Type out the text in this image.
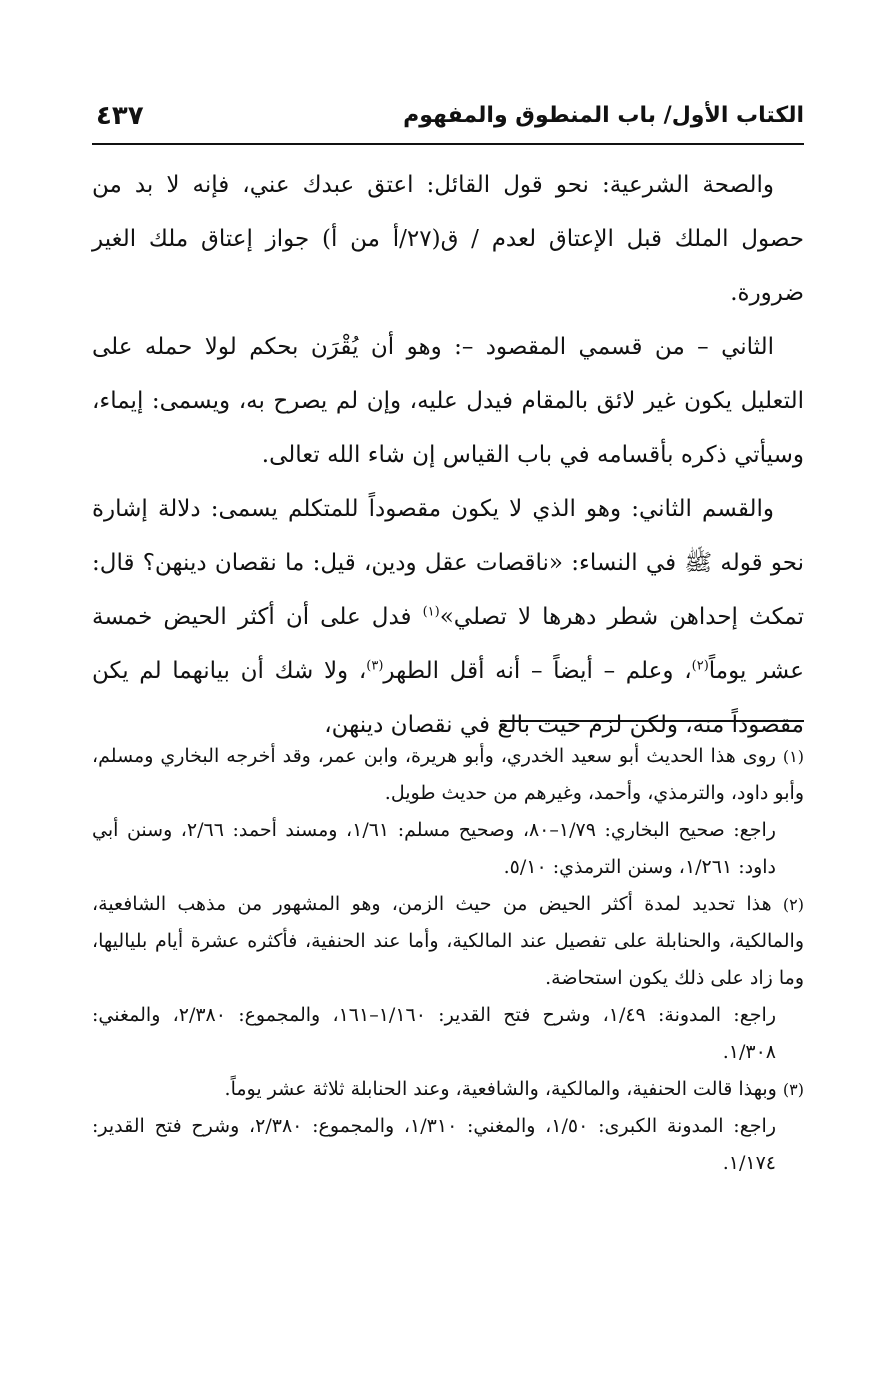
الكتاب الأول/ باب المنطوق والمفهوم
٤٣٧

والصحة الشرعية: نحو قول القائل: اعتق عبدك عني، فإنه لا بد من حصول الملك قبل الإعتاق لعدم / ق(٢٧/أ من أ) جواز إعتاق ملك الغير ضرورة.

الثاني – من قسمي المقصود –: وهو أن يُقْرَن بحكم لولا حمله على التعليل يكون غير لائق بالمقام فيدل عليه، وإن لم يصرح به، ويسمى: إيماء، وسيأتي ذكره بأقسامه في باب القياس إن شاء الله تعالى.

والقسم الثاني: وهو الذي لا يكون مقصوداً للمتكلم يسمى: دلالة إشارة نحو قوله ﷺ في النساء: «ناقصات عقل ودين، قيل: ما نقصان دينهن؟ قال: تمكث إحداهن شطر دهرها لا تصلي»$^{(١)}$ فدل على أن أكثر الحيض خمسة عشر يوماً$^{(٢)}$، وعلم – أيضاً – أنه أقل الطهر$^{(٣)}$، ولا شك أن بيانهما لم يكن مقصوداً منه، ولكن لزم حيث بالغ في نقصان دينهن،

(١) روى هذا الحديث أبو سعيد الخدري، وأبو هريرة، وابن عمر، وقد أخرجه البخاري ومسلم، وأبو داود، والترمذي، وأحمد، وغيرهم من حديث طويل.

راجع: صحيح البخاري: ١/٧٩–٨٠، وصحيح مسلم: ١/٦١، ومسند أحمد: ٢/٦٦، وسنن أبي داود: ١/٢٦١، وسنن الترمذي: ٥/١٠.

(٢) هذا تحديد لمدة أكثر الحيض من حيث الزمن، وهو المشهور من مذهب الشافعية، والمالكية، والحنابلة على تفصيل عند المالكية، وأما عند الحنفية، فأكثره عشرة أيام بلياليها، وما زاد على ذلك يكون استحاضة.

راجع: المدونة: ١/٤٩، وشرح فتح القدير: ١/١٦٠–١٦١، والمجموع: ٢/٣٨٠، والمغني: ١/٣٠٨.

(٣) وبهذا قالت الحنفية، والمالكية، والشافعية، وعند الحنابلة ثلاثة عشر يوماً.

راجع: المدونة الكبرى: ١/٥٠، والمغني: ١/٣١٠، والمجموع: ٢/٣٨٠، وشرح فتح القدير: ١/١٧٤.
